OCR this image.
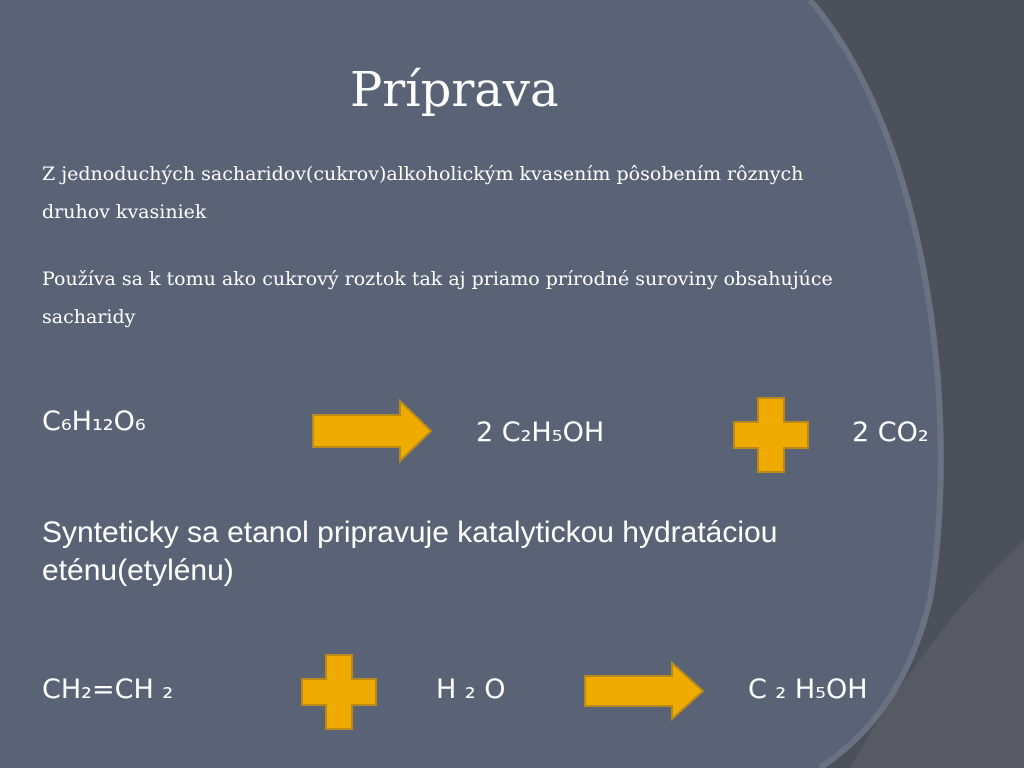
Príprava
Z jednoduchých sacharidov(cukrov)alkoholickým kvasením pôsobením rôznych
druhov kvasiniek
Používa sa k tomu ako cukrový roztok tak aj priamo prírodné suroviny obsahujúce
sacharidy
C₆H₁₂O₆	2 C₂H₅OH	2 CO₂
Synteticky sa etanol pripravuje katalytickou hydratáciou
eténu(etylénu)
CH₂=CH ₂	H ₂ O	C ₂ H₅OH
